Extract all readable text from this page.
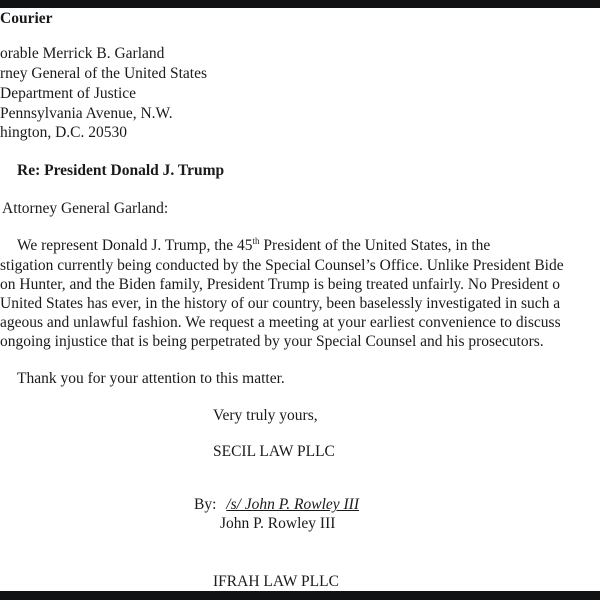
Courier
orable Merrick B. Garland
rney General of the United States
Department of Justice
Pennsylvania Avenue, N.W.
hington, D.C. 20530
Re: President Donald J. Trump
Attorney General Garland:
We represent Donald J. Trump, the 45th President of the United States, in the
stigation currently being conducted by the Special Counsel’s Office. Unlike President Bide
on Hunter, and the Biden family, President Trump is being treated unfairly. No President o
United States has ever, in the history of our country, been baselessly investigated in such a
ageous and unlawful fashion. We request a meeting at your earliest convenience to discuss
ongoing injustice that is being perpetrated by your Special Counsel and his prosecutors.
Thank you for your attention to this matter.
Very truly yours,
SECIL LAW PLLC
By: /s/ John P. Rowley III
John P. Rowley III
IFRAH LAW PLLC
